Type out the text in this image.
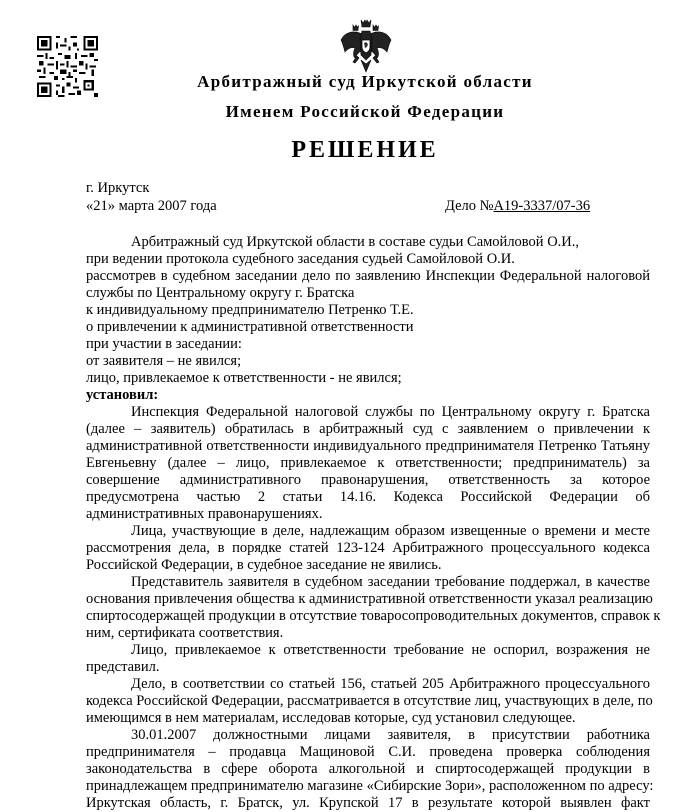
Арбитражный суд Иркутской области
Именем Российской Федерации
РЕШЕНИЕ
г. Иркутск
«21» марта 2007 года	Дело №А19-3337/07-36
Арбитражный суд Иркутской области в составе судьи Самойловой О.И.,
при ведении протокола судебного заседания судьей Самойловой О.И.
рассмотрев в судебном заседании дело по заявлению Инспекции Федеральной налоговой
службы по Центральному округу г. Братска
к индивидуальному предпринимателю Петренко Т.Е.
о привлечении к административной ответственности
при участии в заседании:
от заявителя – не явился;
лицо, привлекаемое к ответственности - не явился;
установил:
Инспекция Федеральной налоговой службы по Центральному округу г. Братска
(далее – заявитель) обратилась в арбитражный суд с заявлением о привлечении к
административной ответственности индивидуального предпринимателя Петренко Татьяну
Евгеньевну (далее – лицо, привлекаемое к ответственности; предприниматель) за
совершение административного правонарушения, ответственность за которое
предусмотрена частью 2 статьи 14.16. Кодекса Российской Федерации об
административных правонарушениях.
Лица, участвующие в деле, надлежащим образом извещенные о времени и месте
рассмотрения дела, в порядке статей 123-124 Арбитражного процессуального кодекса
Российской Федерации, в судебное заседание не явились.
Представитель заявителя в судебном заседании требование поддержал, в качестве
основания привлечения общества к административной ответственности указал реализацию
спиртосодержащей продукции в отсутствие товаросопроводительных документов, справок к
ним, сертификата соответствия.
Лицо, привлекаемое к ответственности требование не оспорил, возражения не
представил.
Дело, в соответствии со статьей 156, статьей 205 Арбитражного процессуального
кодекса Российской Федерации, рассматривается в отсутствие лиц, участвующих в деле, по
имеющимся в нем материалам, исследовав которые, суд установил следующее.
30.01.2007 должностными лицами заявителя, в присутствии работника
предпринимателя – продавца Мащиновой С.И. проведена проверка соблюдения
законодательства в сфере оборота алкогольной и спиртосодержащей продукции в
принадлежащем предпринимателю магазине «Сибирские Зори», расположенном по адресу:
Иркутская область, г. Братск, ул. Крупской 17 в результате которой выявлен факт
